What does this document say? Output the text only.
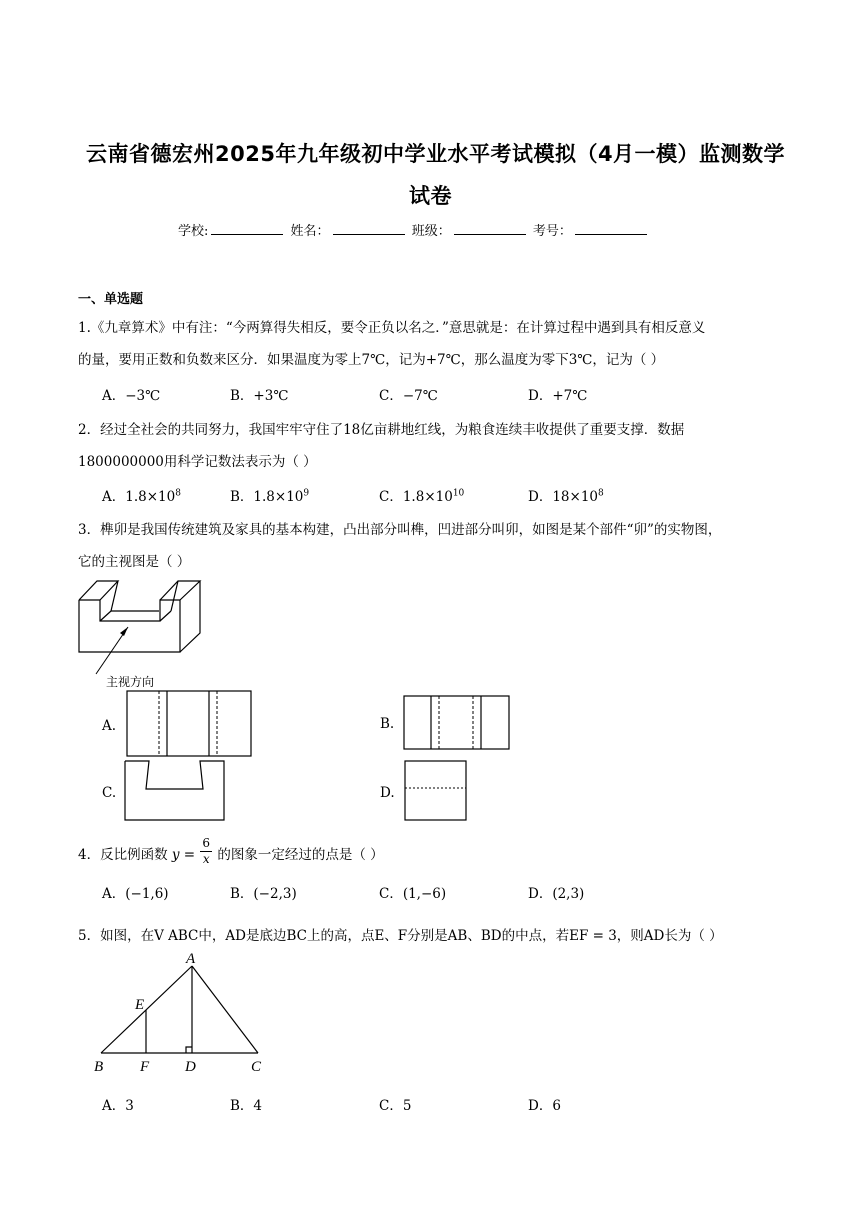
云南省德宏州2025年九年级初中学业水平考试模拟（4月一模）监测数学
试卷
学校:	姓名：	班级：	考号：
一、单选题
1.《九章算术》中有注：“今两算得失相反，要令正负以名之．”意思就是：在计算过程中遇到具有相反意义
的量，要用正数和负数来区分．如果温度为零上7℃，记为+7℃，那么温度为零下3℃，记为（ ）
A．−3℃	B．+3℃	C．−7℃	D．+7℃
2．经过全社会的共同努力，我国牢牢守住了18亿亩耕地红线，为粮食连续丰收提供了重要支撑．数据
1800000000用科学记数法表示为（ ）
A．$1.8\times 10^8$	B．$1.8\times 10^9$	C．$1.8\times 10^{10}$	D．$18\times 10^8$
3．榫卯是我国传统建筑及家具的基本构建，凸出部分叫榫，凹进部分叫卯，如图是某个部件“卯”的实物图，
它的主视图是（ ）
主视方向
A.	B.
C.	D.
4．反比例函数 $y = \frac{6}{x}$ 的图象一定经过的点是（ ）
A．(−1,6)	B．(−2,3)	C．(1,−6)	D．(2,3)
5．如图，在V ABC中，AD是底边BC上的高，点E、F分别是AB、BD的中点，若EF = 3，则AD长为（ ）
A
E
B F D	C
A．3	B．4	C．5	D．6
